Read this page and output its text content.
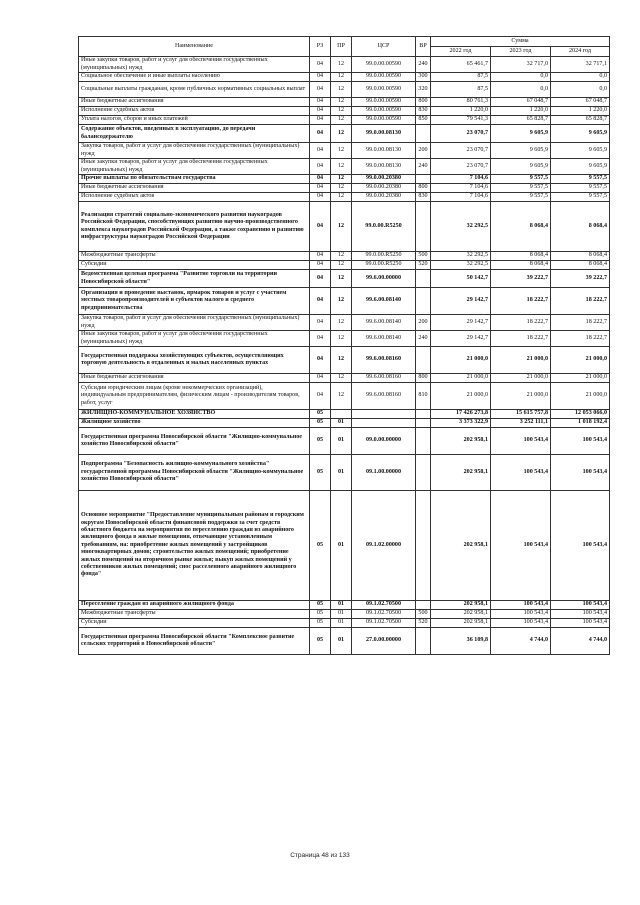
Наименование	РЗ	ПР	ЦСР	ВР	Сумма		
					2022 год	2023 год	2024 год
Иные закупки товаров, работ и услуг для обеспечения государственных (муниципальных) нужд	04	12	99.0.00.00590	240	65 461,7	32 717,0	32 717,1
Социальное обеспечение и иные выплаты населению	04	12	99.0.00.00590	300	87,5	0,0	0,0
Социальные выплаты гражданам, кроме публичных нормативных социальных выплат	04	12	99.0.00.00590	320	87,5	0,0	0,0
Иные бюджетные ассигнования	04	12	99.0.00.00590	800	80 761,3	67 048,7	67 048,7
Исполнение судебных актов	04	12	99.0.00.00590	830	1 220,0	1 220,0	1 220,0
Уплата налогов, сборов и иных платежей	04	12	99.0.00.00590	850	79 541,3	65 828,7	65 828,7
Содержание объектов, введенных в эксплуатацию, до передачи балансодержателю	04	12	99.0.00.08130		23 070,7	9 605,9	9 605,9
Закупка товаров, работ и услуг для обеспечения государственных (муниципальных) нужд	04	12	99.0.00.08130	200	23 070,7	9 605,9	9 605,9
Иные закупки товаров, работ и услуг для обеспечения государственных (муниципальных) нужд	04	12	99.0.00.08130	240	23 070,7	9 605,9	9 605,9
Прочие выплаты по обязательствам государства	04	12	99.0.00.20380		7 104,6	9 557,5	9 557,5
Иные бюджетные ассигнования	04	12	99.0.00.20380	800	7 104,6	9 557,5	9 557,5
Исполнение судебных актов	04	12	99.0.00.20380	830	7 104,6	9 557,5	9 557,5
Реализация стратегий социально-экономического развития наукоградов Российской Федерации, способствующих развитию научно-производственного комплекса наукоградов Российской Федерации, а также сохранению и развитию инфраструктуры наукоградов Российской Федерации	04	12	99.0.00.R5250		32 292,5	8 068,4	8 068,4
Межбюджетные трансферты	04	12	99.0.00.R5250	500	32 292,5	8 068,4	8 068,4
Субсидии	04	12	99.0.00.R5250	520	32 292,5	8 068,4	8 068,4
Ведомственная целевая программа "Развитие торговли на территории Новосибирской области"	04	12	99.6.00.00000		50 142,7	39 222,7	39 222,7
Организация и проведение выставок, ярмарок товаров и услуг с участием местных товаропроизводителей и субъектов малого и среднего предпринимательства	04	12	99.6.00.08140		29 142,7	18 222,7	18 222,7
Закупка товаров, работ и услуг для обеспечения государственных (муниципальных) нужд	04	12	99.6.00.08140	200	29 142,7	18 222,7	18 222,7
Иные закупки товаров, работ и услуг для обеспечения государственных (муниципальных) нужд	04	12	99.6.00.08140	240	29 142,7	18 222,7	18 222,7
Государственная поддержка хозяйствующих субъектов, осуществляющих торговую деятельность в отдаленных и малых населенных пунктах	04	12	99.6.00.08160		21 000,0	21 000,0	21 000,0
Иные бюджетные ассигнования	04	12	99.6.00.08160	800	21 000,0	21 000,0	21 000,0
Субсидии юридическим лицам (кроме некоммерческих организаций), индивидуальным предпринимателям, физическим лицам - производителям товаров, работ, услуг	04	12	99.6.00.08160	810	21 000,0	21 000,0	21 000,0
ЖИЛИЩНО-КОММУНАЛЬНОЕ ХОЗЯЙСТВО	05				17 426 273,8	15 615 757,8	12 053 066,0
Жилищное хозяйство	05	01			3 373 322,9	3 252 111,1	1 018 192,4
Государственная программа Новосибирской области "Жилищно-коммунальное хозяйство Новосибирской области"	05	01	09.0.00.00000		202 958,1	100 543,4	100 543,4
Подпрограмма "Безопасность жилищно-коммунального хозяйства" государственной программы Новосибирской области "Жилищно-коммунальное хозяйство Новосибирской области"	05	01	09.1.00.00000		202 958,1	100 543,4	100 543,4
Основное мероприятие "Предоставление муниципальным районам и городским округам Новосибирской области финансовой поддержки за счет средств областного бюджета на мероприятия по переселению граждан из аварийного жилищного фонда в жилые помещения, отвечающие установленным требованиям, на: приобретение жилых помещений у застройщиков многоквартирных домов; строительство жилых помещений; приобретение жилых помещений на вторичном рынке жилья; выкуп жилых помещений у собственников жилых помещений; снос расселенного аварийного жилищного фонда"	05	01	09.1.02.00000		202 958,1	100 543,4	100 543,4
Переселение граждан из аварийного жилищного фонда	05	01	09.1.02.70500		202 958,1	100 543,4	100 543,4
Межбюджетные трансферты	05	01	09.1.02.70500	500	202 958,1	100 543,4	100 543,4
Субсидии	05	01	09.1.02.70500	520	202 958,1	100 543,4	100 543,4
Государственная программа Новосибирской области "Комплексное развитие сельских территорий в Новосибирской области"	05	01	27.0.00.00000		36 109,8	4 744,0	4 744,0
Страница 48 из 133
